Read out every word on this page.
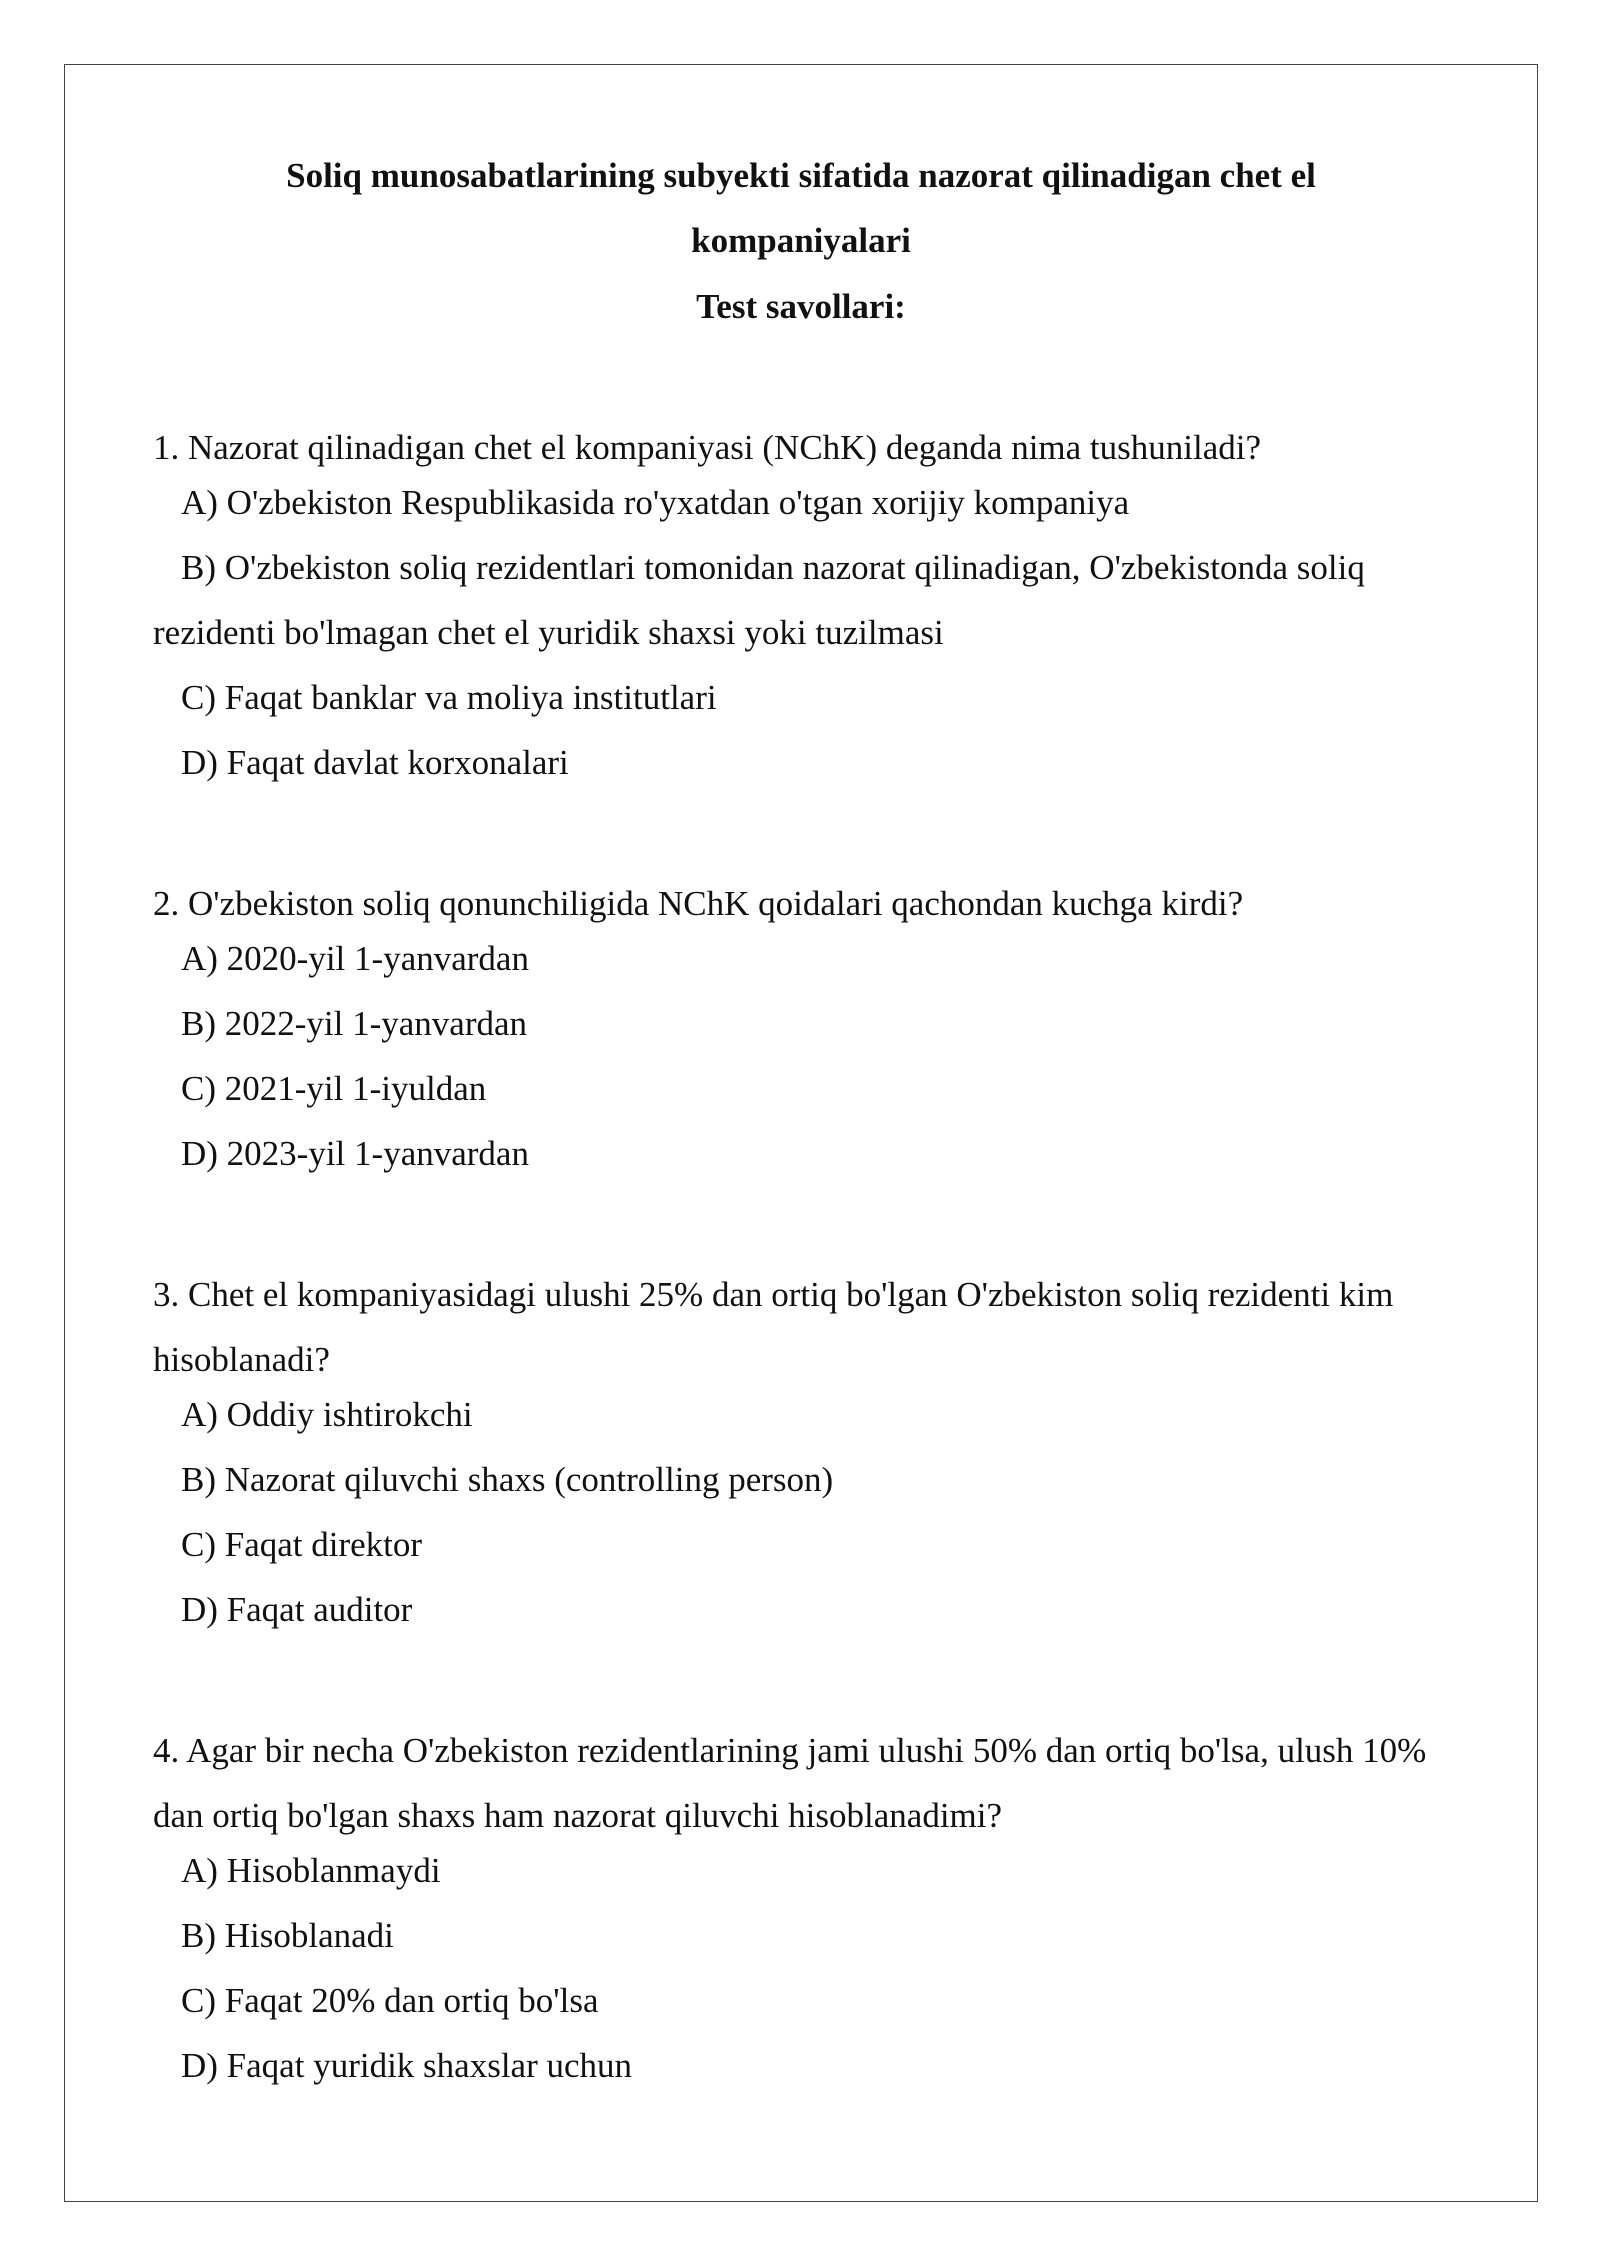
Soliq munosabatlarining subyekti sifatida nazorat qilinadigan chet el
kompaniyalari
Test savollari:
1. Nazorat qilinadigan chet el kompaniyasi (NChK) deganda nima tushuniladi?
A) O'zbekiston Respublikasida ro'yxatdan o'tgan xorijiy kompaniya
B) O'zbekiston soliq rezidentlari tomonidan nazorat qilinadigan, O'zbekistonda soliq rezidenti bo'lmagan chet el yuridik shaxsi yoki tuzilmasi
C) Faqat banklar va moliya institutlari
D) Faqat davlat korxonalari
2. O'zbekiston soliq qonunchiligida NChK qoidalari qachondan kuchga kirdi?
A) 2020-yil 1-yanvardan
B) 2022-yil 1-yanvardan
C) 2021-yil 1-iyuldan
D) 2023-yil 1-yanvardan
3. Chet el kompaniyasidagi ulushi 25% dan ortiq bo'lgan O'zbekiston soliq rezidenti kim hisoblanadi?
A) Oddiy ishtirokchi
B) Nazorat qiluvchi shaxs (controlling person)
C) Faqat direktor
D) Faqat auditor
4. Agar bir necha O'zbekiston rezidentlarining jami ulushi 50% dan ortiq bo'lsa, ulush 10% dan ortiq bo'lgan shaxs ham nazorat qiluvchi hisoblanadimi?
A) Hisoblanmaydi
B) Hisoblanadi
C) Faqat 20% dan ortiq bo'lsa
D) Faqat yuridik shaxslar uchun
